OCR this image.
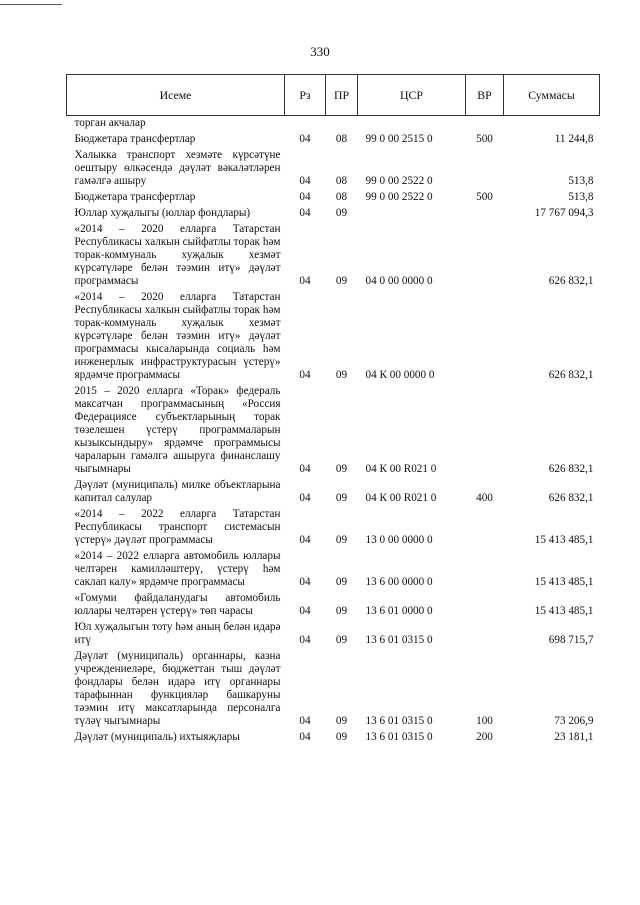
330
Исеме	Рз	ПР	ЦСР	ВР	Суммасы
торган акчалар					
Бюджетара трансфертлар	04	08	99 0 00 2515 0	500	11 244,8
Халыкка транспорт хезмәте күрсәтүне оештыру өлкәсендә дәүләт вәкаләтләрен гамәлгә ашыру	04	08	99 0 00 2522 0		513,8
Бюджетара трансфертлар	04	08	99 0 00 2522 0	500	513,8
Юллар хуҗалыгы (юллар фондлары)	04	09			17 767 094,3
«2014 – 2020 елларга Татарстан Республикасы халкын сыйфатлы торак һәм торак-коммуналь хуҗалык хезмәт күрсәтүләре белән тәэмин итү» дәүләт программасы	04	09	04 0 00 0000 0		626 832,1
«2014 – 2020 елларга Татарстан Республикасы халкын сыйфатлы торак һәм торак-коммуналь хуҗалык хезмәт күрсәтүләре белән тәэмин итү» дәүләт программасы кысаларында социаль һәм инженерлык инфраструктурасын үстерү» ярдәмче программасы	04	09	04 К 00 0000 0		626 832,1
2015 – 2020 елларга «Торак» федераль максатчан программасының «Россия Федерациясе субъектларының торак төзелешен үстерү программаларын кызыксындыру» ярдәмче программысы чараларын гамәлгә ашыруга финанслашу чыгымнары	04	09	04 К 00 R021 0		626 832,1
Дәүләт (муниципаль) милке объектларына капитал салулар	04	09	04 К 00 R021 0	400	626 832,1
«2014 – 2022 елларга Татарстан Республикасы транспорт системасын үстерү» дәүләт программасы	04	09	13 0 00 0000 0		15 413 485,1
«2014 – 2022 елларга автомобиль юллары челтәрен камилләштерү, үстерү һәм саклап калу» ярдәмче программасы	04	09	13 6 00 0000 0		15 413 485,1
«Гомуми файдаланудагы автомобиль юллары челтәрен үстерү» төп чарасы	04	09	13 6 01 0000 0		15 413 485,1
Юл хуҗалыгын тоту һәм аның белән идарә итү	04	09	13 6 01 0315 0		698 715,7
Дәүләт (муниципаль) органнары, казна учреждениеләре, бюджеттан тыш дәүләт фондлары белән идарә итү органнары тарафыннан функцияләр башкаруны тәэмин итү максатларында персоналга түләү чыгымнары	04	09	13 6 01 0315 0	100	73 206,9
Дәүләт (муниципаль) ихтыяҗлары	04	09	13 6 01 0315 0	200	23 181,1
